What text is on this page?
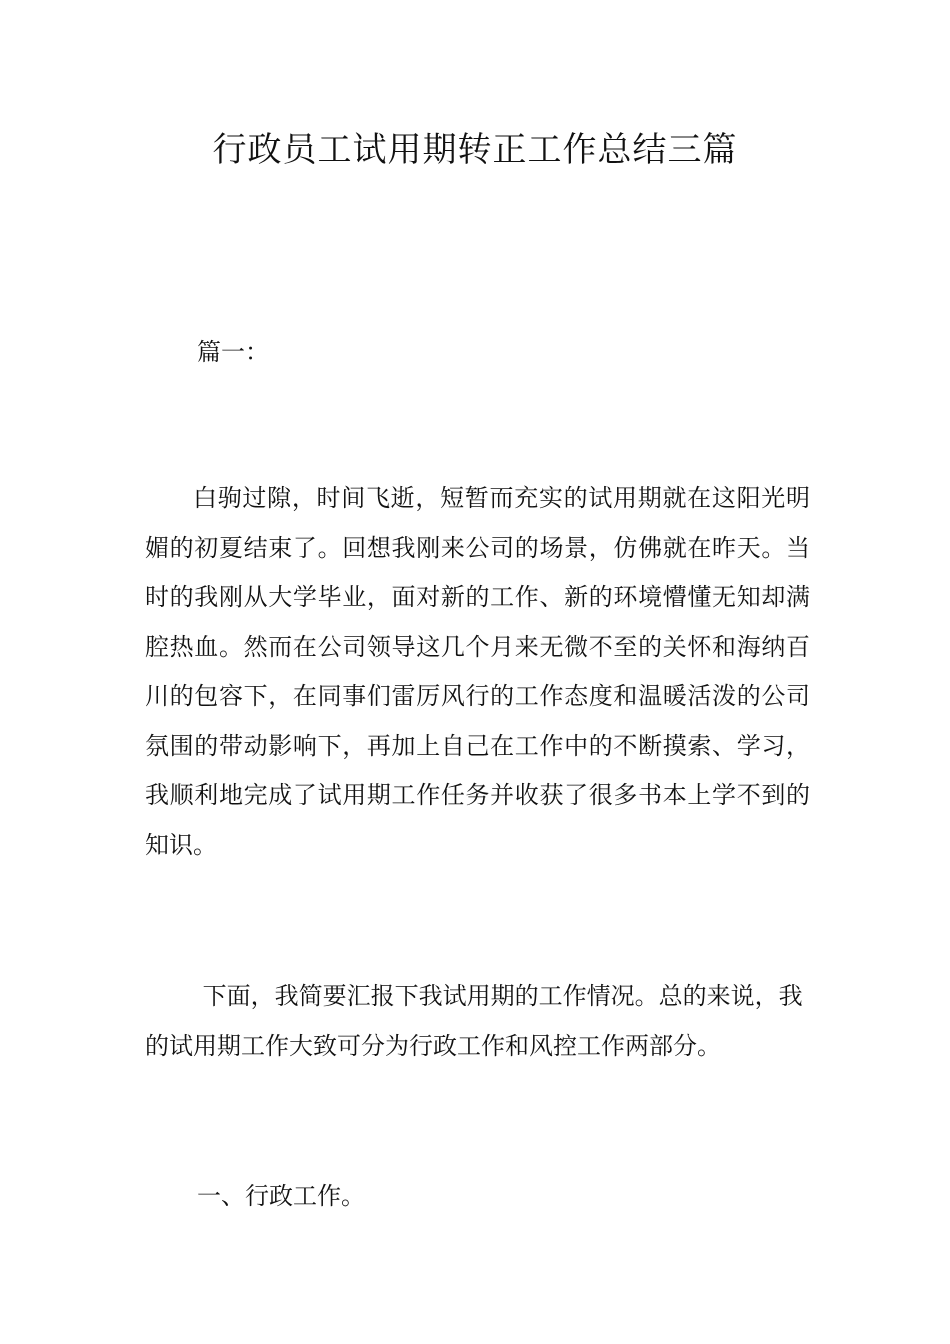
行政员工试用期转正工作总结三篇

篇一：

白驹过隙，时间飞逝，短暂而充实的试用期就在这阳光明媚的初夏结束了。回想我刚来公司的场景，仿佛就在昨天。当时的我刚从大学毕业，面对新的工作、新的环境懵懂无知却满腔热血。然而在公司领导这几个月来无微不至的关怀和海纳百川的包容下，在同事们雷厉风行的工作态度和温暖活泼的公司氛围的带动影响下，再加上自己在工作中的不断摸索、学习，我顺利地完成了试用期工作任务并收获了很多书本上学不到的知识。

下面，我简要汇报下我试用期的工作情况。总的来说，我的试用期工作大致可分为行政工作和风控工作两部分。

一、行政工作。
